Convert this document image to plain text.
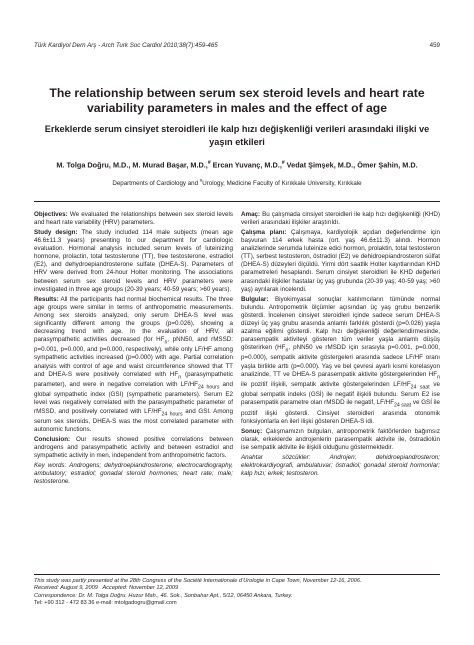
Türk Kardiyol Dern Arş - Arch Turk Soc Cardiol 2010;38(7):459-465	459
The relationship between serum sex steroid levels and heart rate variability parameters in males and the effect of age
Erkeklerde serum cinsiyet steroidleri ile kalp hızı değişkenliği verileri arasındaki ilişki ve yaşın etkileri
M. Tolga Doğru, M.D., M. Murad Başar, M.D.,# Ercan Yuvanç, M.D.,# Vedat Şimşek, M.D., Ömer Şahin, M.D.
Departments of Cardiology and #Urology, Medicine Faculty of Kırıkkale University, Kırıkkale

Objectives: We evaluated the relationships between sex steroid levels and heart rate variability (HRV) parameters.

Study design: The study included 114 male subjects (mean age 46.6±11.3 years) presenting to our department for cardiologic evaluation. Hormonal analysis included serum levels of luteinizing hormone, prolactin, total testosterone (TT), free testosterone, estradiol (E2), and dehydroepiandrosterone sulfate (DHEA-S). Parameters of HRV were derived from 24-hour Holter monitoring. The associations between serum sex steroid levels and HRV parameters were investigated in three age groups (20-39 years; 40-59 years; >60 years).

Results: All the participants had normal biochemical results. The three age groups were similar in terms of anthropometric measurements. Among sex steroids analyzed, only serum DHEA-S level was significantly different among the groups (p=0.026), showing a decreasing trend with age. In the evaluation of HRV, all parasympathetic activities decreased (for $HF_n$, pNN50, and rMSSD: p=0.001, p=0.000, and p=0.000, respectively), while only LF/HF among sympathetic activities increased (p=0.000) with age. Partial correlation analysis with control of age and waist circumference showed that TT and DHEA-S were positively correlated with $HF_n$ (parasympathetic parameter), and were in negative correlation with $LF/HF_{24 hours}$ and global sympathetic index (GSI) (sympathetic parameters). Serum E2 level was negatively correlated with the parasympathetic parameter of rMSSD, and positively correlated with $LF/HF_{24 hours}$ and GSI. Among serum sex steroids, DHEA-S was the most correlated parameter with autonomic functions.

Conclusion: Our results showed positive correlations between androgens and parasympathetic activity and between estradiol and sympathetic activity in men, independent from anthropometric factors.

Key words: Androgens; dehydroepiandrosterone; electrocardiography, ambulatory; estradiol; gonadal steroid hormones; heart rate; male; testosterone.

Amaç: Bu çalışmada cinsiyet steroidleri ile kalp hızı değişkenliği (KHD) verileri arasındaki ilişkiler araştırıldı.

Çalışma planı: Çalışmaya, kardiyolojik açıdan değerlendirme için başvuran 114 erkek hasta (ort. yaş 46.6±11.3) alındı. Hormon analizlerinde serumda luteinize edici hormon, prolaktin, total testosteron (TT), serbest testosteron, östradiol (E2) ve dehidroepiandrosteron sülfat (DHEA-S) düzeyleri ölçüldü. Yirmi dört saatlik Holter kayıtlarından KHD parametreleri hesaplandı. Serum cinsiyet steroidleri ile KHD değerleri arasındaki ilişkiler hastalar üç yaş grubunda (20-39 yaş; 40-59 yaş; >60 yaş) ayrılarak incelendi.

Bulgular: Biyokimyasal sonuçlar katılımcıların tümünde normal bulundu. Antropometrik ölçümler açısından üç yaş grubu benzerlik gösterdi. İncelenen cinsiyet steroidleri içinde sadece serum DHEA-S düzeyi üç yaş grubu arasında anlamlı farklılık gösterdi (p=0.026) yaşla azalma eğilimi gösterdi. Kalp hızı değişkenliği değerlendirmesinde, parasempatik aktiviteyi gösteren tüm veriler yaşla anlamlı düşüş gösterirken ($HF_n$, pNN50 ve rMSDD için sırasıyla p=0.001, p=0.000, p=0.000), sempatik aktivite göstergeleri arasında sadece LF/HF oranı yaşla birlikte arttı (p=0.000). Yaş ve bel çevresi ayarlı kısmi korelasyon analizinde, TT ve DHEA-S parasempatik aktivite göstergelerinden $HF_n$ ile pozitif ilişkili, sempatik aktivite göstergelerinden $LF/HF_{24 saat}$ ve global sempatik indeks (GSİ) ile negatif ilişkili bulundu. Serum E2 ise parasempatik parametre olan rMSDD ile negatif, $LF/HF_{24 saat}$ ve GSİ ile pozitif ilişki gösterdi. Cinsiyet steroidleri arasında otonomik fonksiyonlarla en ileri ilişki gösteren DHEA-S idi.

Sonuç: Çalışmamızın bulguları, antropometrik faktörlerden bağımsız olarak, erkeklerde androjenlerin parasempatik aktivite ile, östradiolün ise sempatik aktivite ile ilişkili olduğunu göstermektedir.

Anahtar sözcükler: Androjen; dehidroepiandrosteron; elektrokardiyografi, ambulatuvar; östradiol; gonadal steroid hormonlar; kalp hızı; erkek; testosteron.

This study was partly presented at the 28th Congress of the Société Internationale d’Urologie in Cape Town, November 12-16, 2006.
Received: August 9, 2009 Accepted: November 12, 2009
Correspondence: Dr. M. Tolga Doğru. Huzur Mah., 46. Sok., Sonbahar Apt., 5/12, 06450 Ankara, Turkey.
Tel: +90 312 - 472 83 36 e-mail: mtolgadogru@gmail.com
